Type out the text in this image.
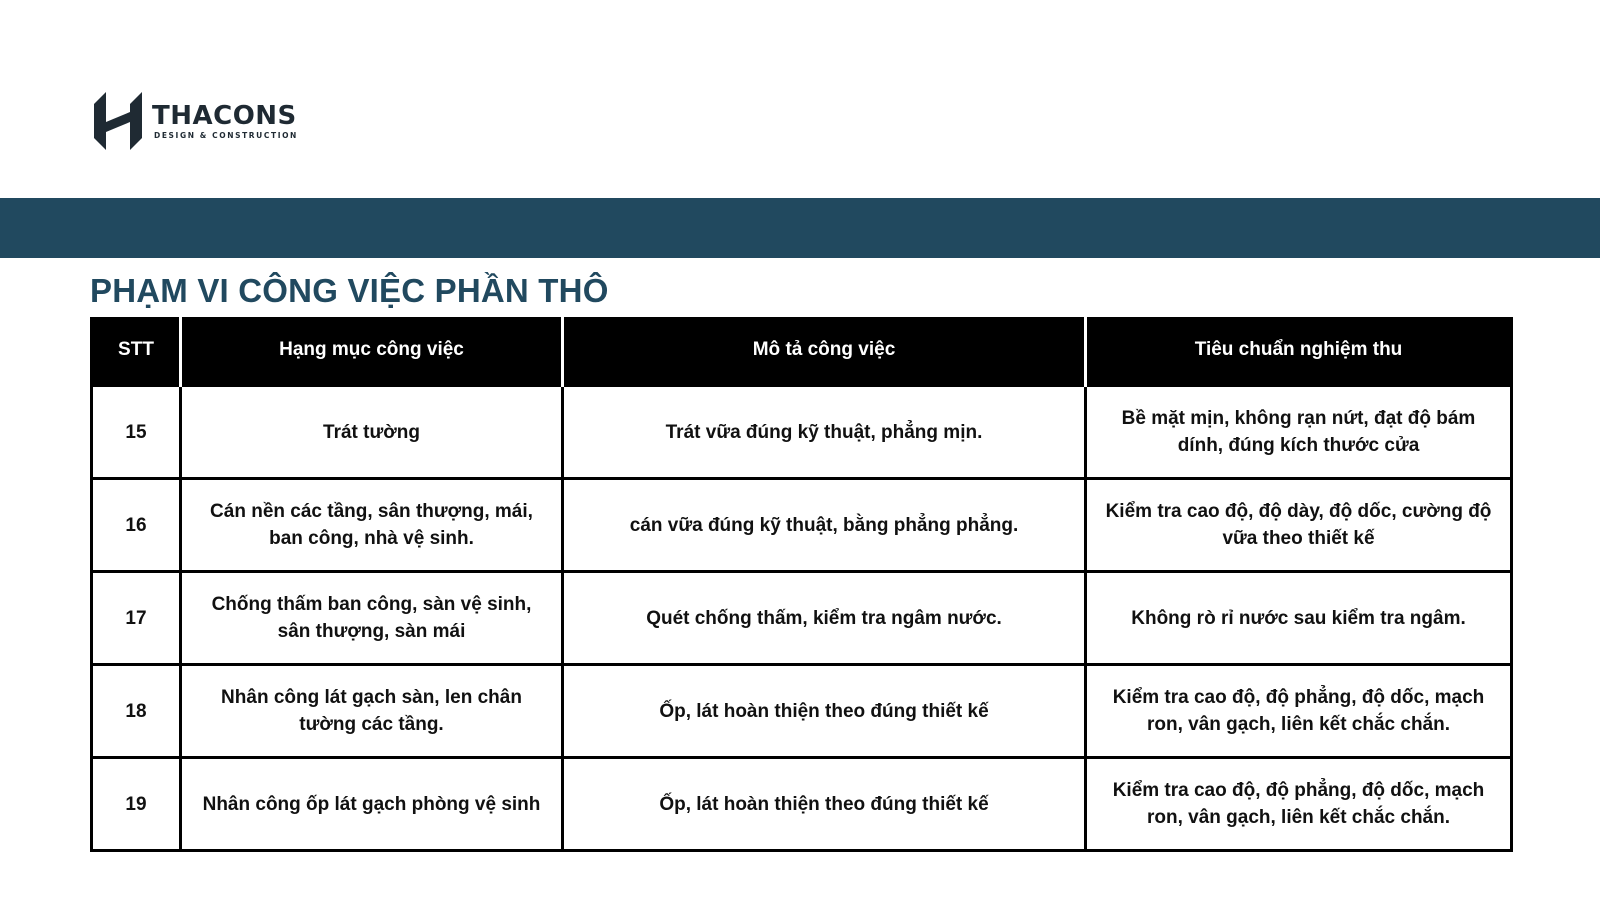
THACONS
DESIGN & CONSTRUCTION
PHẠM VI CÔNG VIỆC PHẦN THÔ
STT	Hạng mục công việc	Mô tả công việc	Tiêu chuẩn nghiệm thu
15	Trát tường	Trát vữa đúng kỹ thuật, phẳng mịn.	Bề mặt mịn, không rạn nứt, đạt độ bám dính, đúng kích thước cửa
16	Cán nền các tầng, sân thượng, mái, ban công, nhà vệ sinh.	cán vữa đúng kỹ thuật, bằng phẳng phẳng.	Kiểm tra cao độ, độ dày, độ dốc, cường độ vữa theo thiết kế
17	Chống thấm ban công, sàn vệ sinh, sân thượng, sàn mái	Quét chống thấm, kiểm tra ngâm nước.	Không rò rỉ nước sau kiểm tra ngâm.
18	Nhân công lát gạch sàn, len chân tường các tầng.	Ốp, lát hoàn thiện theo đúng thiết kế	Kiểm tra cao độ, độ phẳng, độ dốc, mạch ron, vân gạch, liên kết chắc chắn.
19	Nhân công ốp lát gạch phòng vệ sinh	Ốp, lát hoàn thiện theo đúng thiết kế	Kiểm tra cao độ, độ phẳng, độ dốc, mạch ron, vân gạch, liên kết chắc chắn.
